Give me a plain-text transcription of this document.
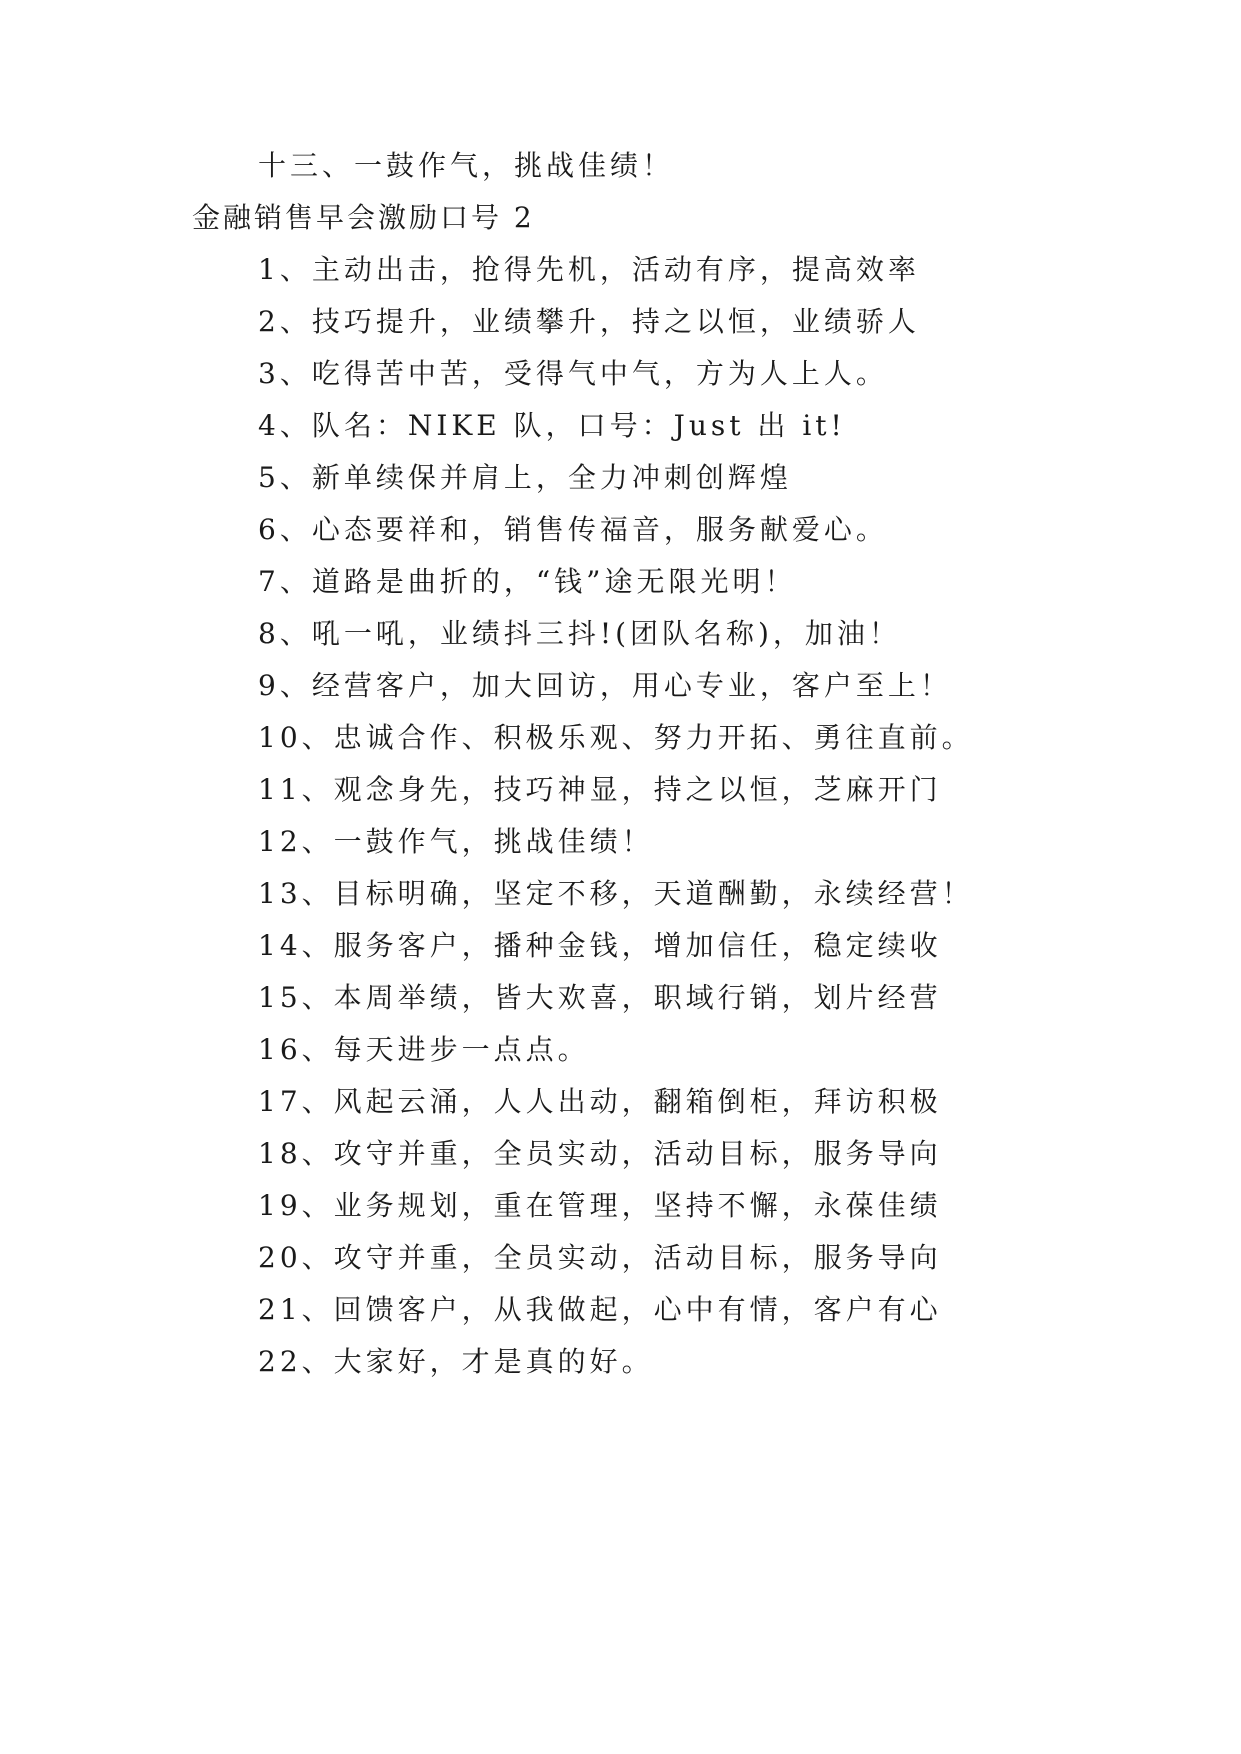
十三、一鼓作气，挑战佳绩！
金融销售早会激励口号 2
1、主动出击，抢得先机，活动有序，提高效率
2、技巧提升，业绩攀升，持之以恒，业绩骄人
3、吃得苦中苦，受得气中气，方为人上人。
4、队名：NIKE 队，口号：Just 出 it!
5、新单续保并肩上，全力冲刺创辉煌
6、心态要祥和，销售传福音，服务献爱心。
7、道路是曲折的，“钱”途无限光明！
8、吼一吼，业绩抖三抖!(团队名称)，加油！
9、经营客户，加大回访，用心专业，客户至上！
10、忠诚合作、积极乐观、努力开拓、勇往直前。
11、观念身先，技巧神显，持之以恒，芝麻开门
12、一鼓作气，挑战佳绩！
13、目标明确，坚定不移，天道酬勤，永续经营！
14、服务客户，播种金钱，增加信任，稳定续收
15、本周举绩，皆大欢喜，职域行销，划片经营
16、每天进步一点点。
17、风起云涌，人人出动，翻箱倒柜，拜访积极
18、攻守并重，全员实动，活动目标，服务导向
19、业务规划，重在管理，坚持不懈，永葆佳绩
20、攻守并重，全员实动，活动目标，服务导向
21、回馈客户，从我做起，心中有情，客户有心
22、大家好，才是真的好。
